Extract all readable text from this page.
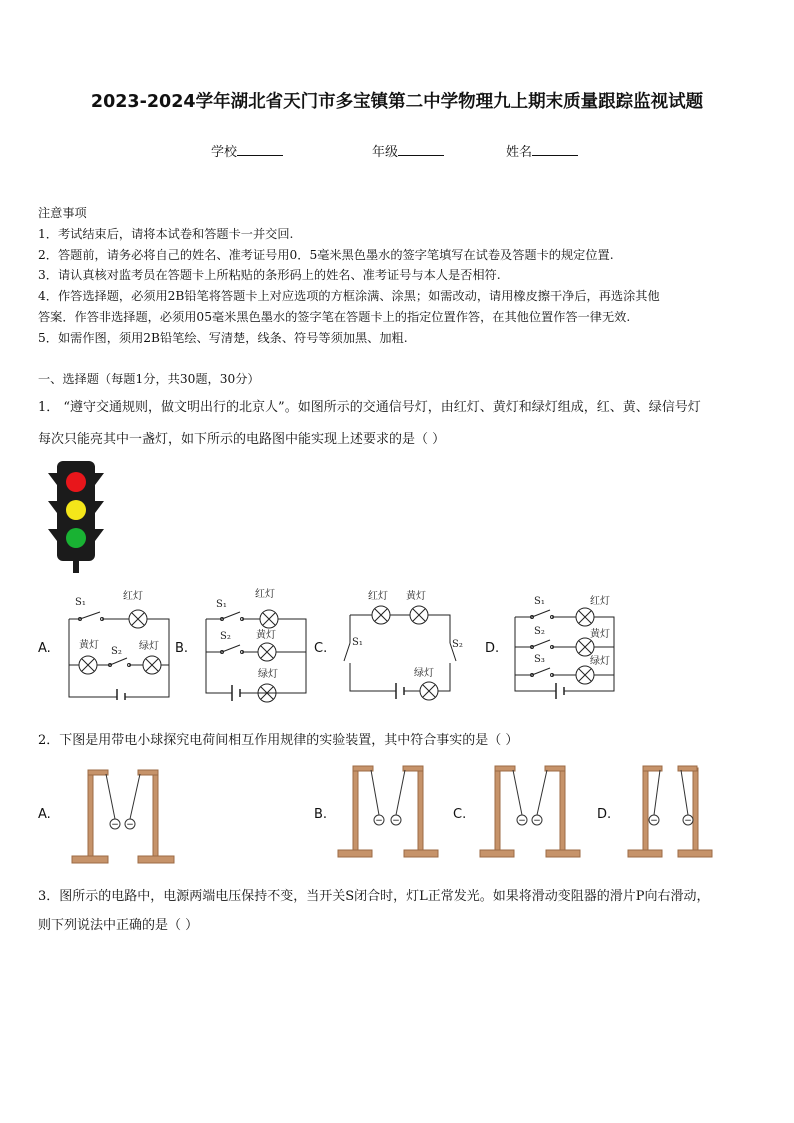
2023-2024学年湖北省天门市多宝镇第二中学物理九上期末质量跟踪监视试题
学校	年级	姓名
注意事项
1．考试结束后，请将本试卷和答题卡一并交回.
2．答题前，请务必将自己的姓名、准考证号用0．5毫米黑色墨水的签字笔填写在试卷及答题卡的规定位置.
3．请认真核对监考员在答题卡上所粘贴的条形码上的姓名、准考证号与本人是否相符.
4．作答选择题，必须用2B铅笔将答题卡上对应选项的方框涂满、涂黑；如需改动，请用橡皮擦干净后，再选涂其他
答案．作答非选择题，必须用05毫米黑色墨水的签字笔在答题卡上的指定位置作答，在其他位置作答一律无效.
5．如需作图，须用2B铅笔绘、写清楚，线条、符号等须加黑、加粗.
一、选择题（每题1分，共30题，30分）
1． “遵守交通规则，做文明出行的北京人”。如图所示的交通信号灯，由红灯、黄灯和绿灯组成，红、黄、绿信号灯
每次只能亮其中一盏灯，如下所示的电路图中能实现上述要求的是（ ）
A.	B.	C.	D.
S₁
红灯
黄灯
S₂ 绿灯
S₁
红灯
S₂	黄灯
绿灯
红灯 黄灯
S₁	S₂
绿灯
S₁	红灯
S₂	黄灯
S₃	绿灯
2．下图是用带电小球探究电荷间相互作用规律的实验装置，其中符合事实的是（ ）
A.	B.	C.	D.
− −	− −	− −	−	−
3．图所示的电路中，电源两端电压保持不变，当开关S闭合时，灯L正常发光。如果将滑动变阻器的滑片P向右滑动，
则下列说法中正确的是（ ）
